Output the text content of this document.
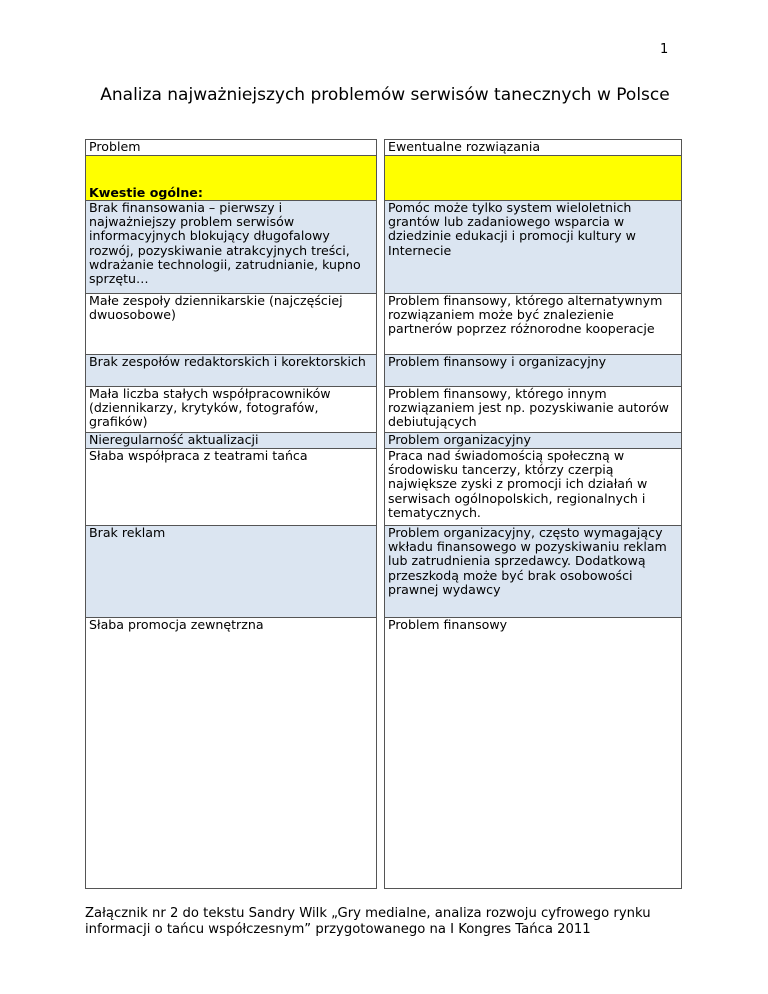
1
Analiza najważniejszych problemów serwisów tanecznych w Polsce
Problem		Ewentualne rozwiązania
Kwestie ogólne:		
Brak finansowania – pierwszy i najważniejszy problem serwisów informacyjnych blokujący długofalowy rozwój, pozyskiwanie atrakcyjnych treści, wdrażanie technologii, zatrudnianie, kupno sprzętu…		Pomóc może tylko system wieloletnich grantów lub zadaniowego wsparcia w dziedzinie edukacji i promocji kultury w Internecie
Małe zespoły dziennikarskie (najczęściej dwuosobowe)		Problem finansowy, którego alternatywnym rozwiązaniem może być znalezienie partnerów poprzez różnorodne kooperacje
Brak zespołów redaktorskich i korektorskich		Problem finansowy i organizacyjny
Mała liczba stałych współpracowników (dziennikarzy, krytyków, fotografów, grafików)		Problem finansowy, którego innym rozwiązaniem jest np. pozyskiwanie autorów debiutujących
Nieregularność aktualizacji		Problem organizacyjny
Słaba współpraca z teatrami tańca		Praca nad świadomością społeczną w środowisku tancerzy, którzy czerpią największe zyski z promocji ich działań w serwisach ogólnopolskich, regionalnych i tematycznych.
Brak reklam		Problem organizacyjny, często wymagający wkładu finansowego w pozyskiwaniu reklam lub zatrudnienia sprzedawcy. Dodatkową przeszkodą może być brak osobowości prawnej wydawcy
Słaba promocja zewnętrzna		Problem finansowy
Załącznik nr 2 do tekstu Sandry Wilk „Gry medialne, analiza rozwoju cyfrowego rynku informacji o tańcu współczesnym” przygotowanego na I Kongres Tańca 2011
